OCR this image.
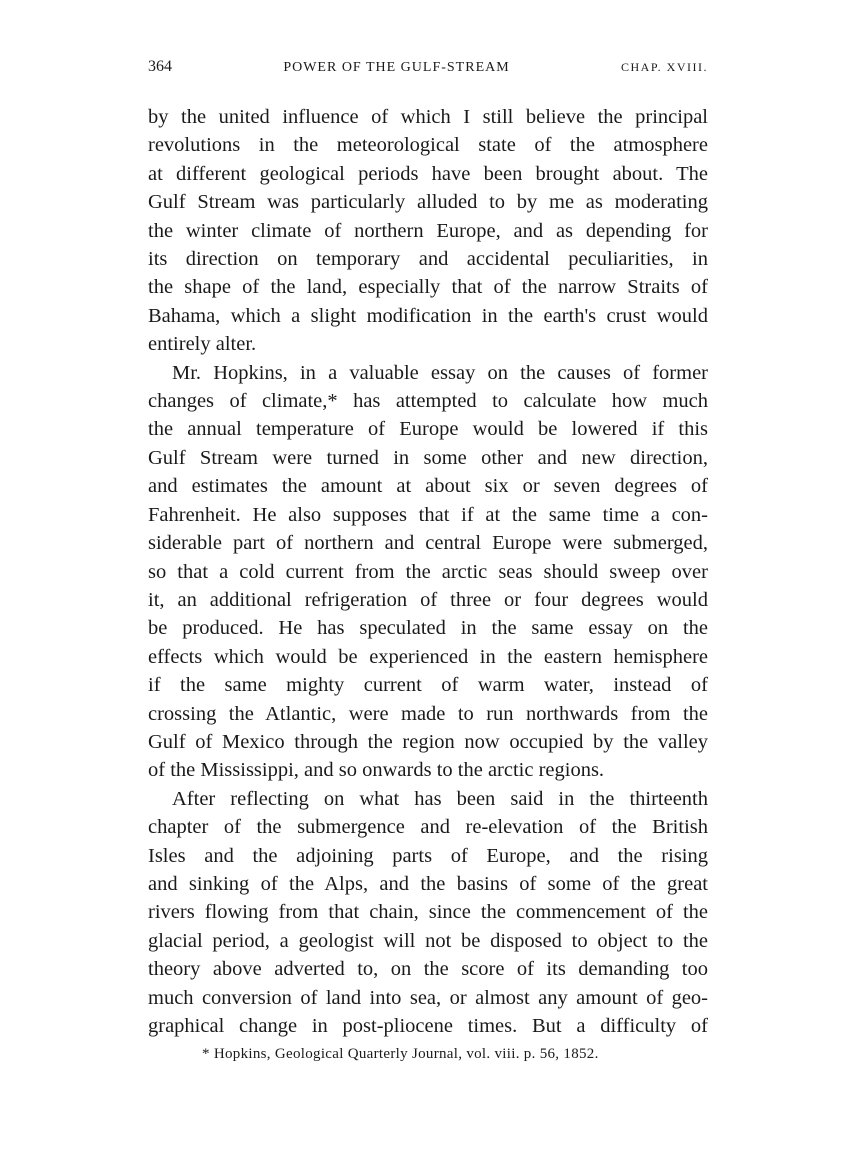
364	POWER OF THE GULF-STREAM	CHAP. XVIII.
by the united influence of which I still believe the principal
revolutions in the meteorological state of the atmosphere
at different geological periods have been brought about. The
Gulf Stream was particularly alluded to by me as moderating
the winter climate of northern Europe, and as depending for
its direction on temporary and accidental peculiarities, in
the shape of the land, especially that of the narrow Straits of
Bahama, which a slight modification in the earth's crust would
entirely alter.
Mr. Hopkins, in a valuable essay on the causes of former
changes of climate,* has attempted to calculate how much
the annual temperature of Europe would be lowered if this
Gulf Stream were turned in some other and new direction,
and estimates the amount at about six or seven degrees of
Fahrenheit. He also supposes that if at the same time a con-
siderable part of northern and central Europe were submerged,
so that a cold current from the arctic seas should sweep over
it, an additional refrigeration of three or four degrees would
be produced. He has speculated in the same essay on the
effects which would be experienced in the eastern hemisphere
if the same mighty current of warm water, instead of
crossing the Atlantic, were made to run northwards from the
Gulf of Mexico through the region now occupied by the valley
of the Mississippi, and so onwards to the arctic regions.
After reflecting on what has been said in the thirteenth
chapter of the submergence and re-elevation of the British
Isles and the adjoining parts of Europe, and the rising
and sinking of the Alps, and the basins of some of the great
rivers flowing from that chain, since the commencement of the
glacial period, a geologist will not be disposed to object to the
theory above adverted to, on the score of its demanding too
much conversion of land into sea, or almost any amount of geo-
graphical change in post-pliocene times. But a difficulty of
* Hopkins, Geological Quarterly Journal, vol. viii. p. 56, 1852.
